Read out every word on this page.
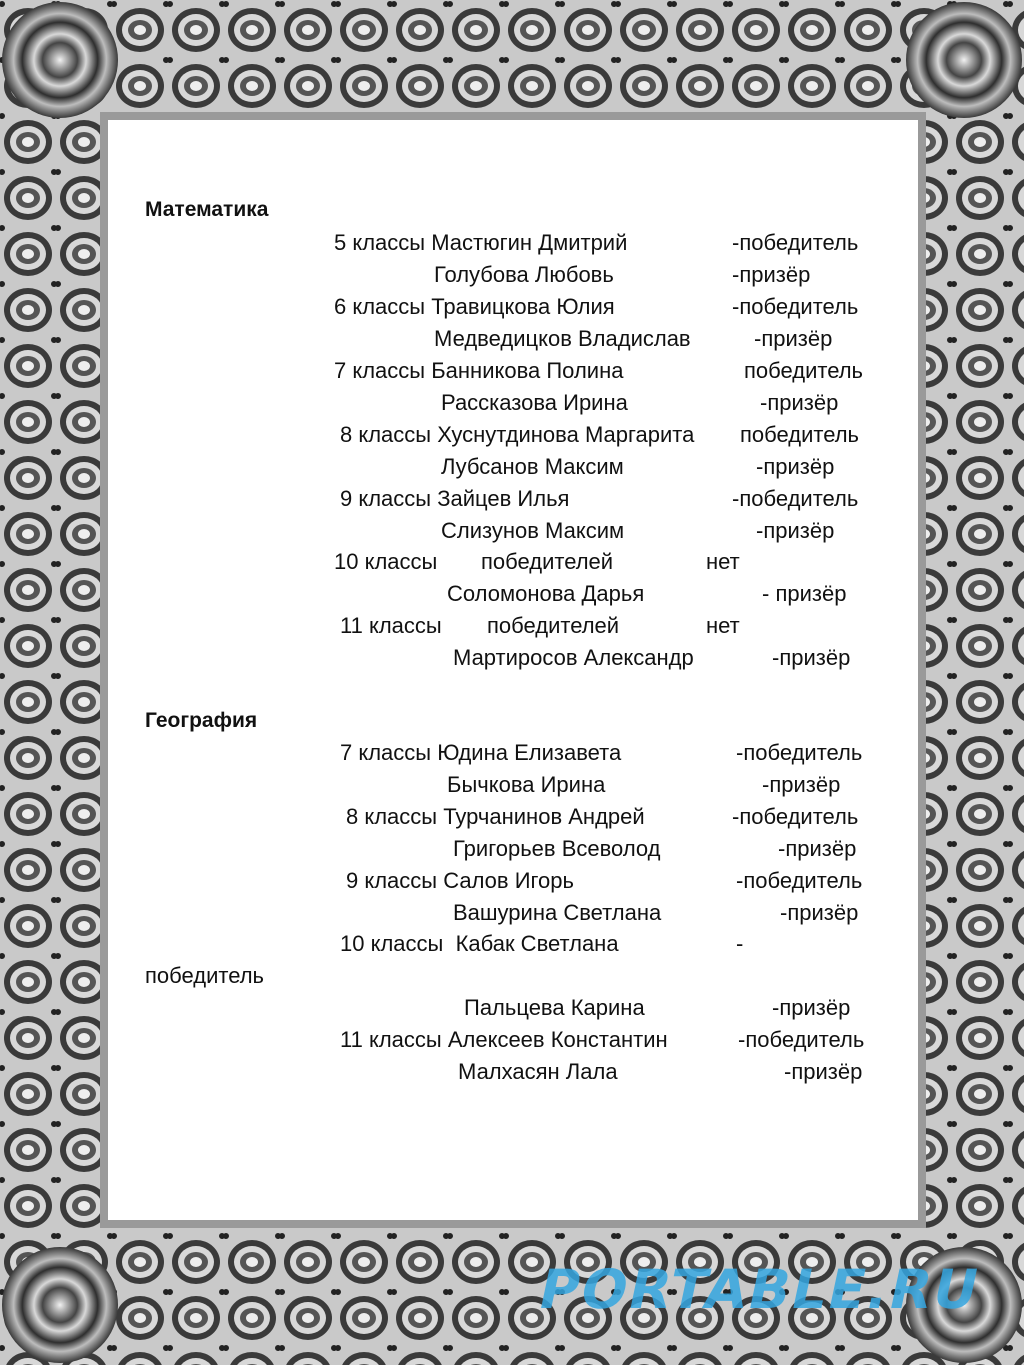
Математика
5 классы Мастюгин Дмитрий	-победитель
Голубова Любовь	-призёр
6 классы Травицкова Юлия	-победитель
Медведицков Владислав	-призёр
7 классы Банникова Полина	победитель
Рассказова Ирина	-призёр
8 классы Хуснутдинова Маргарита победитель
Лубсанов Максим	-призёр
9 классы Зайцев Илья	-победитель
Слизунов Максим	-призёр
10 классы победителей	нет
Соломонова Дарья	- призёр
11 классы победителей	нет
Мартиросов Александр	-призёр
География
7 классы Юдина Елизавета	-победитель
Бычкова Ирина	-призёр
8 классы Турчанинов Андрей	-победитель
Григорьев Всеволод	-призёр
9 классы Салов Игорь	-победитель
Вашурина Светлана	-призёр
10 классы  Кабак Светлана	-
победитель
Пальцева Карина	-призёр
11 классы Алексеев Константин	-победитель
Малхасян Лала	-призёр
PORTABLE.RU
